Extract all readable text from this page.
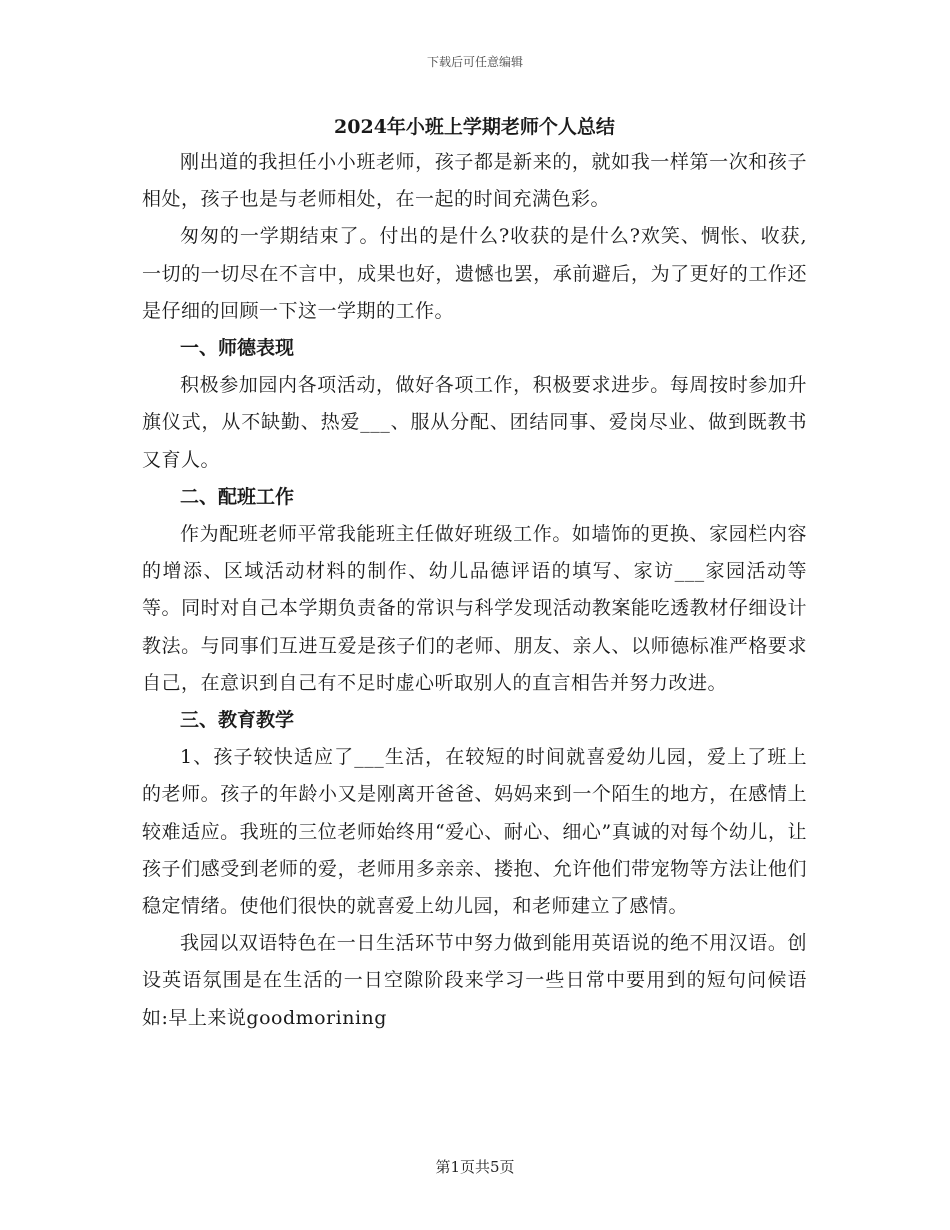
下载后可任意编辑
2024年小班上学期老师个人总结

刚出道的我担任小小班老师，孩子都是新来的，就如我一样第一次和孩子相处，孩子也是与老师相处，在一起的时间充满色彩。

匆匆的一学期结束了。付出的是什么?收获的是什么?欢笑、惆怅、收获,一切的一切尽在不言中，成果也好，遗憾也罢，承前避后，为了更好的工作还是仔细的回顾一下这一学期的工作。

一、师德表现

积极参加园内各项活动，做好各项工作，积极要求进步。每周按时参加升旗仪式，从不缺勤、热爱___、服从分配、团结同事、爱岗尽业、做到既教书又育人。

二、配班工作

作为配班老师平常我能班主任做好班级工作。如墙饰的更换、家园栏内容的增添、区域活动材料的制作、幼儿品德评语的填写、家访___家园活动等等。同时对自己本学期负责备的常识与科学发现活动教案能吃透教材仔细设计教法。与同事们互进互爱是孩子们的老师、朋友、亲人、以师德标准严格要求自己，在意识到自己有不足时虚心听取别人的直言相告并努力改进。

三、教育教学

1、孩子较快适应了___生活，在较短的时间就喜爱幼儿园，爱上了班上的老师。孩子的年龄小又是刚离开爸爸、妈妈来到一个陌生的地方，在感情上较难适应。我班的三位老师始终用“爱心、耐心、细心”真诚的对每个幼儿，让孩子们感受到老师的爱，老师用多亲亲、搂抱、允许他们带宠物等方法让他们稳定情绪。使他们很快的就喜爱上幼儿园，和老师建立了感情。

我园以双语特色在一日生活环节中努力做到能用英语说的绝不用汉语。创设英语氛围是在生活的一日空隙阶段来学习一些日常中要用到的短句问候语如:早上来说goodmorining

第1页共5页
